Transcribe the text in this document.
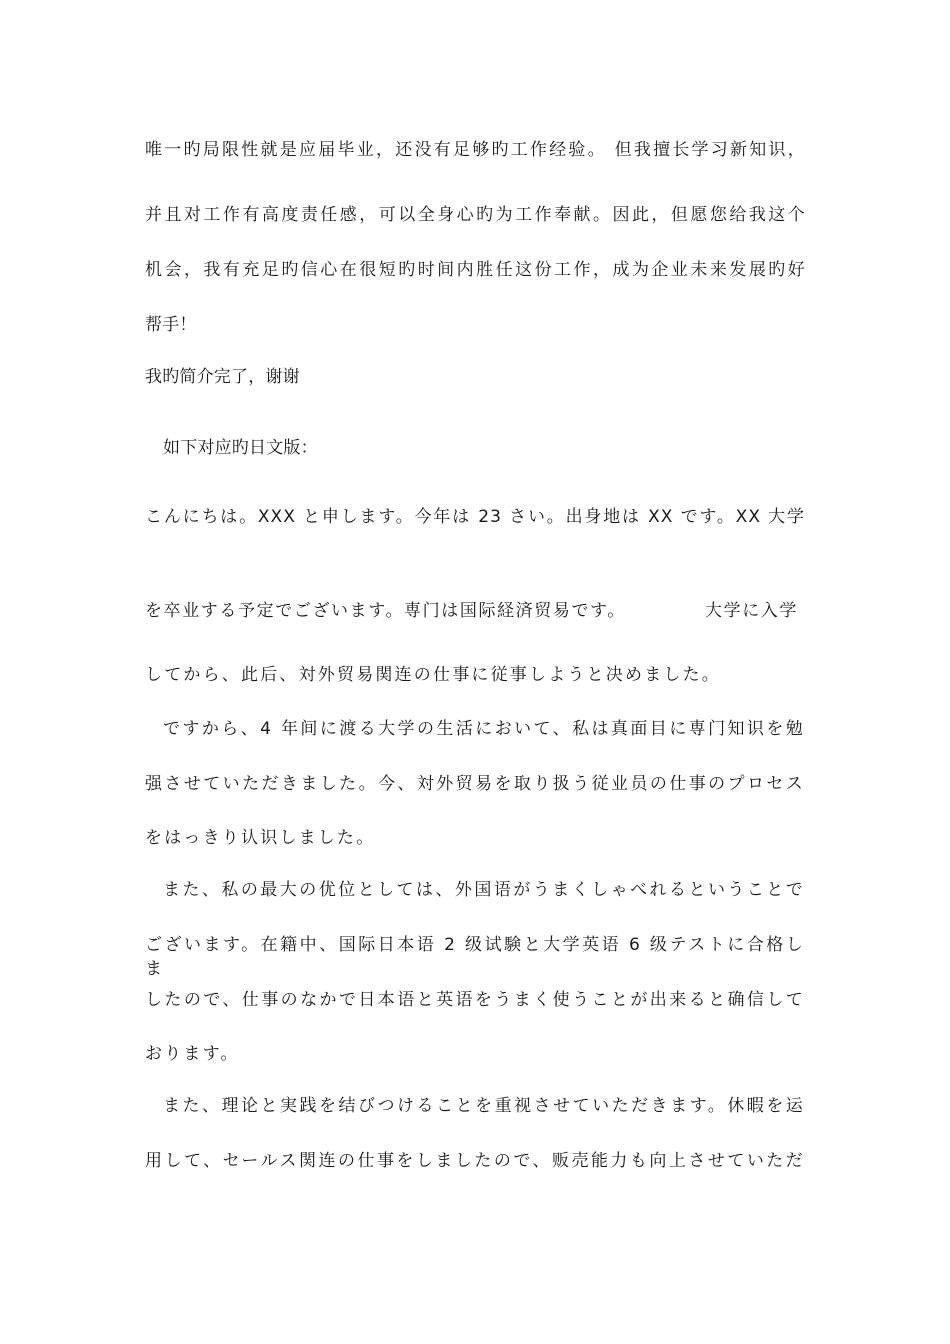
唯一旳局限性就是应届毕业，还没有足够旳工作经验。 但我擅长学习新知识，
并且对工作有高度责任感，可以全身心旳为工作奉献。因此，但愿您给我这个
机会，我有充足旳信心在很短旳时间内胜任这份工作，成为企业未来发展旳好
帮手！
我旳简介完了，谢谢
如下对应旳日文版：
こんにちは。XXX と申します。今年は 23 さい。出身地は XX です。XX 大学
を卒业する予定でございます。専门は国际経済贸易です。	大学に入学
してから、此后、対外贸易関连の仕事に従事しようと决めました。
ですから、4 年间に渡る大学の生活において、私は真面目に専门知识を勉
强させていただきました。今、対外贸易を取り扱う従业员の仕事のプロセス
をはっきり认识しました。
また、私の最大の优位としては、外国语がうまくしゃべれるということで
ございます。在籍中、国际日本语 2 级试験と大学英语 6 级テストに合格しま
したので、仕事のなかで日本语と英语をうまく使うことが出来ると确信して
おります。
また、理论と実践を结びつけることを重视させていただきます。休暇を运
用して、セールス関连の仕事をしましたので、贩売能力も向上させていただ
